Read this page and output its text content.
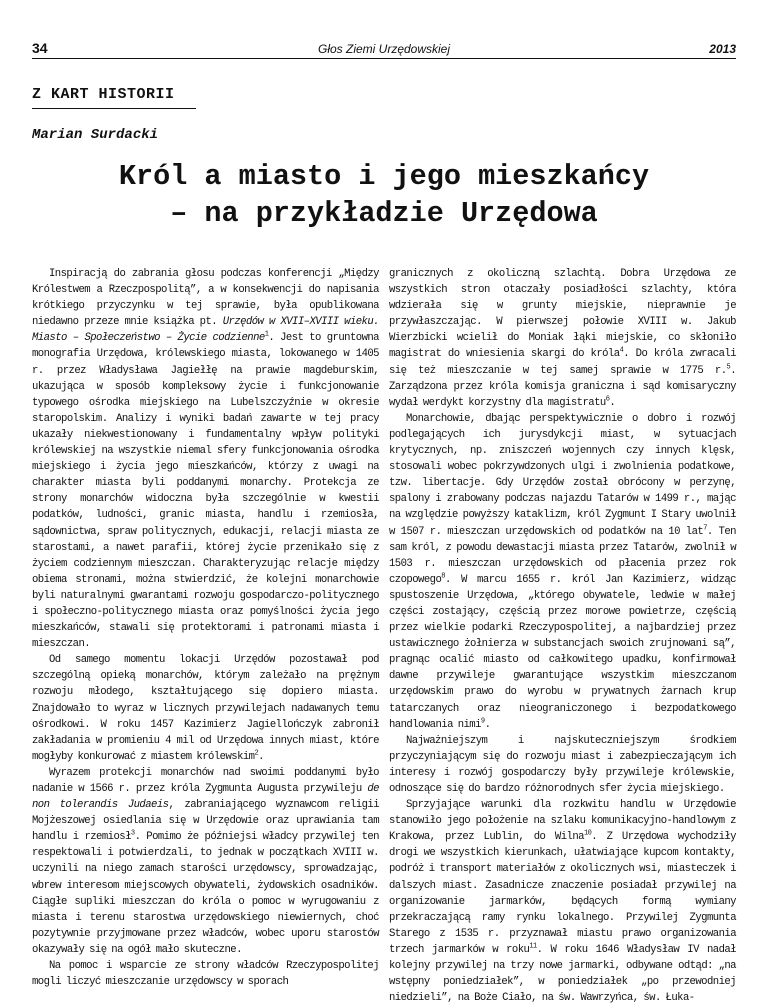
34	Głos Ziemi Urzędowskiej	2013
Z KART HISTORII
Marian Surdacki
Król a miasto i jego mieszkańcy
– na przykładzie Urzędowa

Inspiracją do zabrania głosu podczas konferencji „Między Królestwem a Rzeczpospolitą”, a w konsekwencji do napisania krótkiego przyczynku w tej sprawie, była opublikowana niedawno przeze mnie książka pt. Urzędów w XVII–XVIII wieku. Miasto – Społeczeństwo – Życie codzienne$^1$. Jest to gruntowna monografia Urzędowa, królewskiego miasta, lokowanego w 1405 r. przez Władysława Jagiełłę na prawie magdeburskim, ukazująca w sposób kompleksowy życie i funkcjonowanie typowego ośrodka miejskiego na Lubelszczyźnie w okresie staropolskim. Analizy i wyniki badań zawarte w tej pracy ukazały niekwestionowany i fundamentalny wpływ polityki królewskiej na wszystkie niemal sfery funkcjonowania ośrodka miejskiego i życia jego mieszkańców, którzy z uwagi na charakter miasta byli poddanymi monarchy. Protekcja ze strony monarchów widoczna była szczególnie w kwestii podatków, ludności, granic miasta, handlu i rzemiosła, sądownictwa, spraw politycznych, edukacji, relacji miasta ze starostami, a nawet parafii, której życie przenikało się z życiem codziennym mieszczan. Charakteryzując relacje między obiema stronami, można stwierdzić, że kolejni monarchowie byli naturalnymi gwarantami rozwoju gospodarczo-politycznego i społeczno-politycznego miasta oraz pomyślności życia jego mieszkańców, stawali się protektorami i patronami miasta i mieszczan.

Od samego momentu lokacji Urzędów pozostawał pod szczególną opieką monarchów, którym zależało na prężnym rozwoju młodego, kształtującego się dopiero miasta. Znajdowało to wyraz w licznych przywilejach nadawanych temu ośrodkowi. W roku 1457 Kazimierz Jagiellończyk zabronił zakładania w promieniu 4 mil od Urzędowa innych miast, które mogłyby konkurować z miastem królewskim$^2$.

Wyrazem protekcji monarchów nad swoimi poddanymi było nadanie w 1566 r. przez króla Zygmunta Augusta przywileju de non tolerandis Judaeis, zabraniającego wyznawcom religii Mojżeszowej osiedlania się w Urzędowie oraz uprawiania tam handlu i rzemiosł$^3$. Pomimo że późniejsi władcy przywilej ten respektowali i potwierdzali, to jednak w początkach XVIII w. uczynili na niego zamach starości urzędowscy, sprowadzając, wbrew interesom miejscowych obywateli, żydowskich osadników. Ciągłe supliki mieszczan do króla o pomoc w wyrugowaniu z miasta i terenu starostwa urzędowskiego niewiernych, choć pozytywnie przyjmowane przez władców, wobec uporu starostów okazywały się na ogół mało skuteczne.

Na pomoc i wsparcie ze strony władców Rzeczypospolitej mogli liczyć mieszczanie urzędowscy w sporach

granicznych z okoliczną szlachtą. Dobra Urzędowa ze wszystkich stron otaczały posiadłości szlachty, która wdzierała się w grunty miejskie, nieprawnie je przywłaszczając. W pierwszej połowie XVIII w. Jakub Wierzbicki wcielił do Moniak łąki miejskie, co skłoniło magistrat do wniesienia skargi do króla$^4$. Do króla zwracali się też mieszczanie w tej samej sprawie w 1775 r.$^5$. Zarządzona przez króla komisja graniczna i sąd komisaryczny wydał werdykt korzystny dla magistratu$^6$.

Monarchowie, dbając perspektywicznie o dobro i rozwój podlegających ich jurysdykcji miast, w sytuacjach krytycznych, np. zniszczeń wojennych czy innych klęsk, stosowali wobec pokrzywdzonych ulgi i zwolnienia podatkowe, tzw. libertacje. Gdy Urzędów został obrócony w perzynę, spalony i zrabowany podczas najazdu Tatarów w 1499 r., mając na względzie powyższy kataklizm, król Zygmunt I Stary uwolnił w 1507 r. mieszczan urzędowskich od podatków na 10 lat$^7$. Ten sam król, z powodu dewastacji miasta przez Tatarów, zwolnił w 1503 r. mieszczan urzędowskich od płacenia przez rok czopowego$^8$. W marcu 1655 r. król Jan Kazimierz, widząc spustoszenie Urzędowa, „którego obywatele, ledwie w małej części zostający, częścią przez morowe powietrze, częścią przez wielkie podarki Rzeczypospolitej, a najbardziej przez ustawicznego żołnierza w substancjach swoich zrujnowani są”, pragnąc ocalić miasto od całkowitego upadku, konfirmował dawne przywileje gwarantujące wszystkim mieszczanom urzędowskim prawo do wyrobu w prywatnych żarnach krup tatarczanych oraz nieograniczonego i bezpodatkowego handlowania nimi$^9$.

Najważniejszym i najskuteczniejszym środkiem przyczyniającym się do rozwoju miast i zabezpieczającym ich interesy i rozwój gospodarczy były przywileje królewskie, odnoszące się do bardzo różnorodnych sfer życia miejskiego.

Sprzyjające warunki dla rozkwitu handlu w Urzędowie stanowiło jego położenie na szlaku komunikacyjno-handlowym z Krakowa, przez Lublin, do Wilna$^{10}$. Z Urzędowa wychodziły drogi we wszystkich kierunkach, ułatwiające kupcom kontakty, podróż i transport materiałów z okolicznych wsi, miasteczek i dalszych miast. Zasadnicze znaczenie posiadał przywilej na organizowanie jarmarków, będących formą wymiany przekraczającą ramy rynku lokalnego. Przywilej Zygmunta Starego z 1535 r. przyznawał miastu prawo organizowania trzech jarmarków w roku$^{11}$. W roku 1646 Władysław IV nadał kolejny przywilej na trzy nowe jarmarki, odbywane odtąd: „na wstępny poniedziałek”, w poniedziałek „po przewodniej niedzieli”, na Boże Ciało, na św. Wawrzyńca, św. Łuka-
